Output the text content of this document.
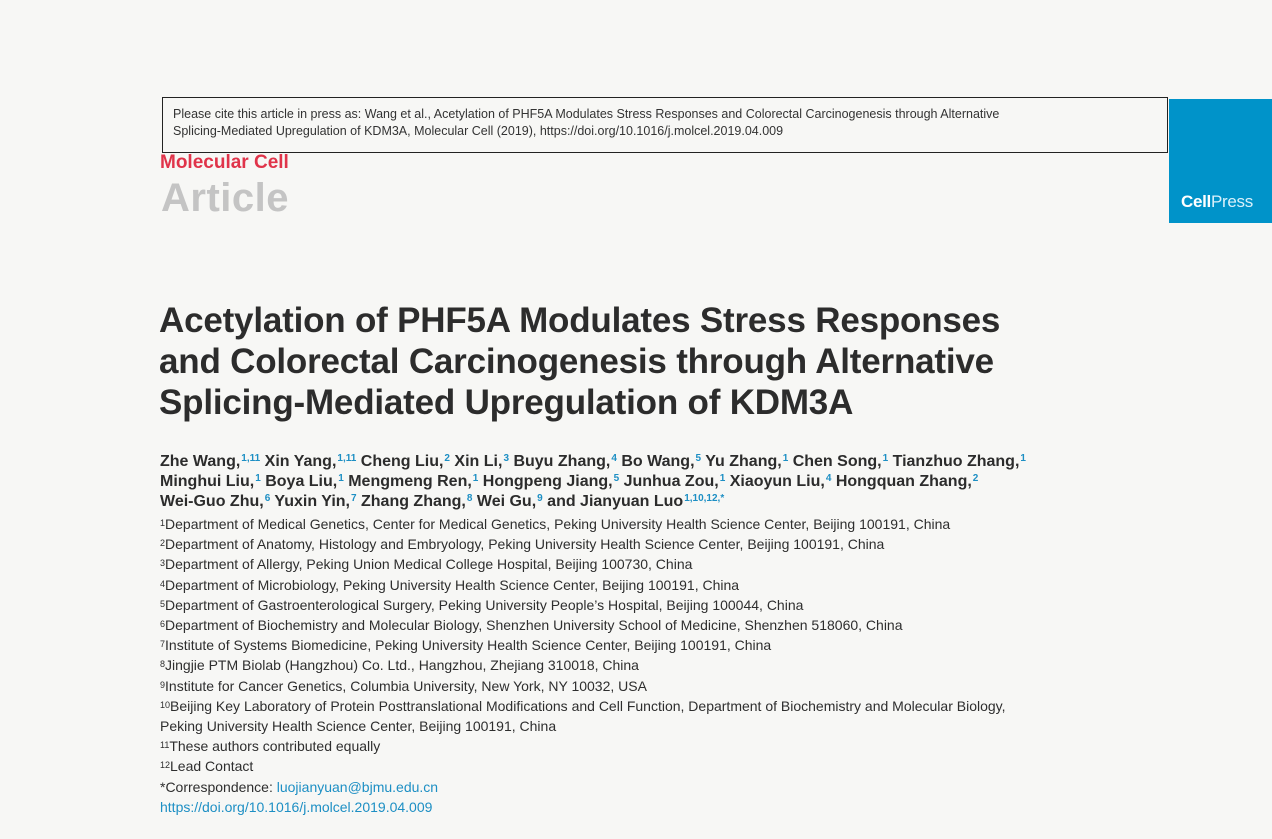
Please cite this article in press as: Wang et al., Acetylation of PHF5A Modulates Stress Responses and Colorectal Carcinogenesis through Alternative
Splicing-Mediated Upregulation of KDM3A, Molecular Cell (2019), https://doi.org/10.1016/j.molcel.2019.04.009
CellPress
Molecular Cell
Article
Acetylation of PHF5A Modulates Stress Responses
and Colorectal Carcinogenesis through Alternative
Splicing-Mediated Upregulation of KDM3A
Zhe Wang,$^{1,11}$ Xin Yang,$^{1,11}$ Cheng Liu,$^2$ Xin Li,$^3$ Buyu Zhang,$^4$ Bo Wang,$^5$ Yu Zhang,$^1$ Chen Song,$^1$ Tianzhuo Zhang,$^1$
Minghui Liu,$^1$ Boya Liu,$^1$ Mengmeng Ren,$^1$ Hongpeng Jiang,$^5$ Junhua Zou,$^1$ Xiaoyun Liu,$^4$ Hongquan Zhang,$^2$
Wei-Guo Zhu,$^6$ Yuxin Yin,$^7$ Zhang Zhang,$^8$ Wei Gu,$^9$ and Jianyuan Luo$^{1,10,12,*}$
$^1$Department of Medical Genetics, Center for Medical Genetics, Peking University Health Science Center, Beijing 100191, China
$^2$Department of Anatomy, Histology and Embryology, Peking University Health Science Center, Beijing 100191, China
$^3$Department of Allergy, Peking Union Medical College Hospital, Beijing 100730, China
$^4$Department of Microbiology, Peking University Health Science Center, Beijing 100191, China
$^5$Department of Gastroenterological Surgery, Peking University People’s Hospital, Beijing 100044, China
$^6$Department of Biochemistry and Molecular Biology, Shenzhen University School of Medicine, Shenzhen 518060, China
$^7$Institute of Systems Biomedicine, Peking University Health Science Center, Beijing 100191, China
$^8$Jingjie PTM Biolab (Hangzhou) Co. Ltd., Hangzhou, Zhejiang 310018, China
$^9$Institute for Cancer Genetics, Columbia University, New York, NY 10032, USA
$^{10}$Beijing Key Laboratory of Protein Posttranslational Modifications and Cell Function, Department of Biochemistry and Molecular Biology,
Peking University Health Science Center, Beijing 100191, China
$^{11}$These authors contributed equally
$^{12}$Lead Contact
*Correspondence: luojianyuan@bjmu.edu.cn
https://doi.org/10.1016/j.molcel.2019.04.009
